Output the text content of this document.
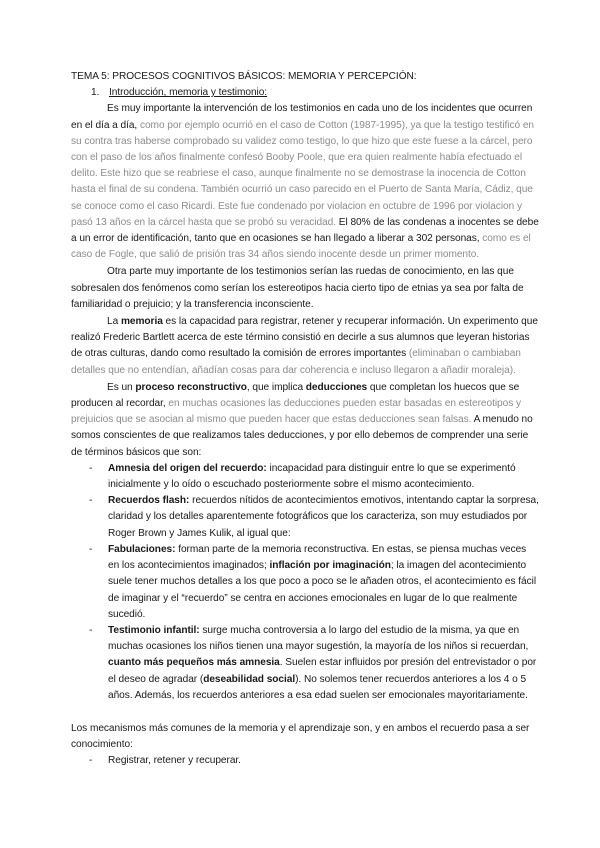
TEMA 5: PROCESOS COGNITIVOS BÁSICOS: MEMORIA Y PERCEPCIÓN:

1. Introducción, memoria y testimonio:

Es muy importante la intervención de los testimonios en cada uno de los incidentes que ocurren en el día a día, como por ejemplo ocurrió en el caso de Cotton (1987-1995), ya que la testigo testificó en su contra tras haberse comprobado su validez como testigo, lo que hizo que este fuese a la cárcel, pero con el paso de los años finalmente confesó Booby Poole, que era quien realmente había efectuado el delito. Este hizo que se reabriese el caso, aunque finalmente no se demostrase la inocencia de Cotton hasta el final de su condena. También ocurrió un caso parecido en el Puerto de Santa María, Cádiz, que se conoce como el caso Ricardi. Este fue condenado por violacion en octubre de 1996 por violacion y pasó 13 años en la cárcel hasta que se probó su veracidad. El 80% de las condenas a inocentes se debe a un error de identificación, tanto que en ocasiones se han llegado a liberar a 302 personas, como es el caso de Fogle, que salió de prisión tras 34 años siendo inocente desde un primer momento.

Otra parte muy importante de los testimonios serían las ruedas de conocimiento, en las que sobresalen dos fenómenos como serían los estereotipos hacia cierto tipo de etnias ya sea por falta de familiaridad o prejuicio; y la transferencia inconsciente.

La memoria es la capacidad para registrar, retener y recuperar información. Un experimento que realizó Frederic Bartlett acerca de este término consistió en decirle a sus alumnos que leyeran historias de otras culturas, dando como resultado la comisión de errores importantes (eliminaban o cambiaban detalles que no entendían, añadían cosas para dar coherencia e incluso llegaron a añadir moraleja).

Es un proceso reconstructivo, que implica deducciones que completan los huecos que se producen al recordar, en muchas ocasiones las deducciones pueden estar basadas en estereotipos y prejuicios que se asocian al mismo que pueden hacer que estas deducciones sean falsas. A menudo no somos conscientes de que realizamos tales deducciones, y por ello debemos de comprender una serie de términos básicos que son:

- Amnesia del origen del recuerdo: incapacidad para distinguir entre lo que se experimentó inicialmente y lo oído o escuchado posteriormente sobre el mismo acontecimiento.
- Recuerdos flash: recuerdos nítidos de acontecimientos emotivos, intentando captar la sorpresa, claridad y los detalles aparentemente fotográficos que los caracteriza, son muy estudiados por Roger Brown y James Kulik, al igual que:
- Fabulaciones: forman parte de la memoria reconstructiva. En estas, se piensa muchas veces en los acontecimientos imaginados; inflación por imaginación; la imagen del acontecimiento suele tener muchos detalles a los que poco a poco se le añaden otros, el acontecimiento es fácil de imaginar y el “recuerdo” se centra en acciones emocionales en lugar de lo que realmente sucedió.
- Testimonio infantil: surge mucha controversia a lo largo del estudio de la misma, ya que en muchas ocasiones los niños tienen una mayor sugestión, la mayoría de los niños si recuerdan, cuanto más pequeños más amnesia. Suelen estar influidos por presión del entrevistador o por el deseo de agradar (deseabilidad social). No solemos tener recuerdos anteriores a los 4 o 5 años. Además, los recuerdos anteriores a esa edad suelen ser emocionales mayoritariamente.

Los mecanismos más comunes de la memoria y el aprendizaje son, y en ambos el recuerdo pasa a ser conocimiento:

- Registrar, retener y recuperar.
